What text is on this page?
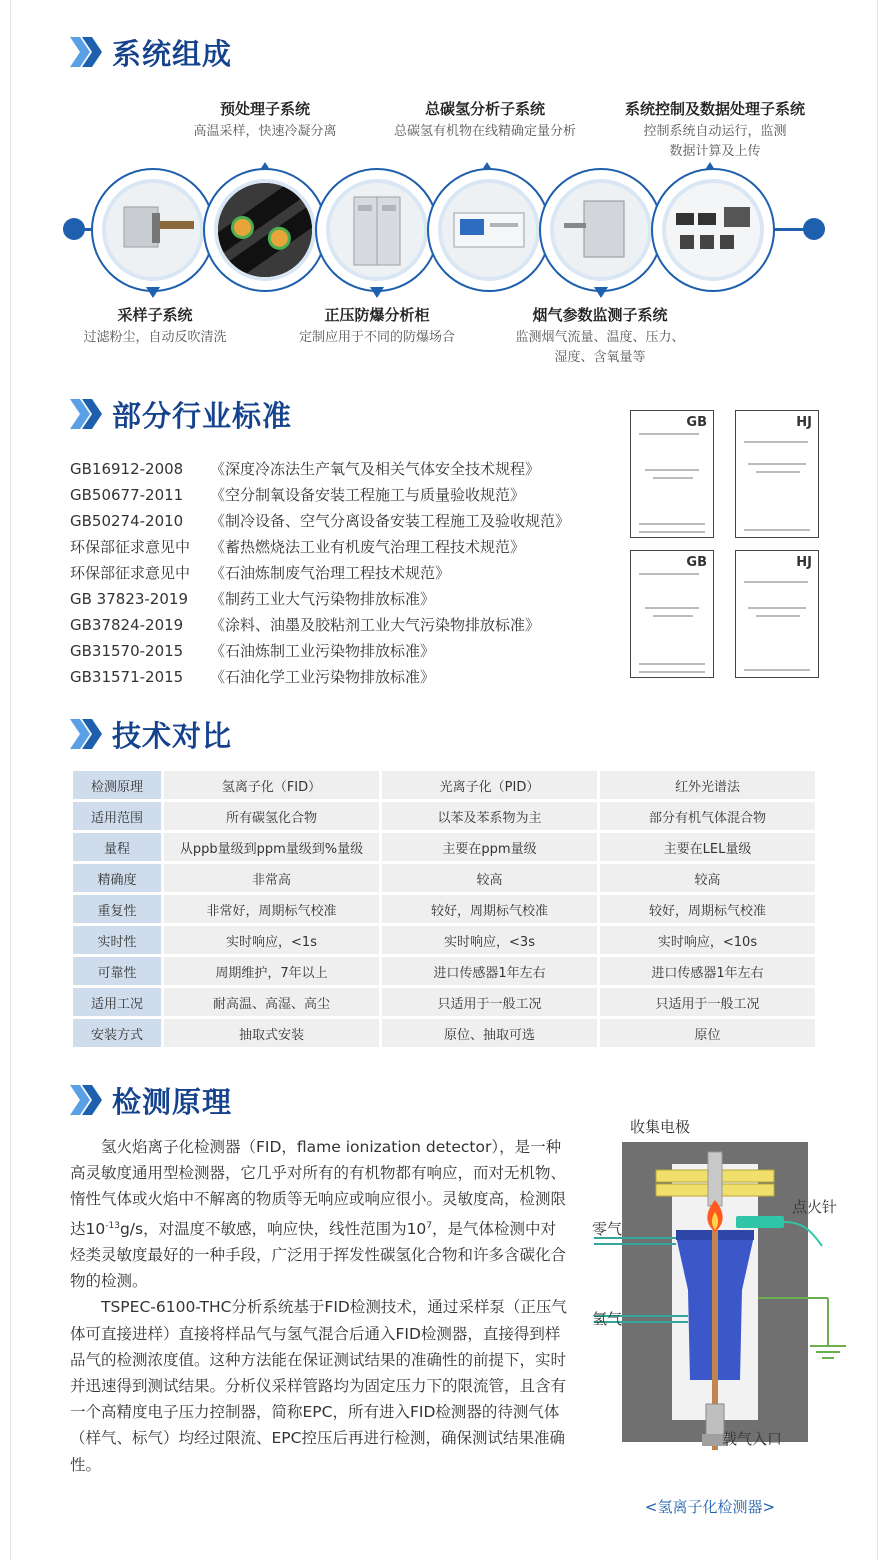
系统组成
预处理子系统
高温采样，快速冷凝分离
总碳氢分析子系统
总碳氢有机物在线精确定量分析
系统控制及数据处理子系统
控制系统自动运行，监测
数据计算及上传
采样子系统
过滤粉尘，自动反吹清洗
正压防爆分析柜
定制应用于不同的防爆场合
烟气参数监测子系统
监测烟气流量、温度、压力、
湿度、含氧量等
部分行业标准
GB16912-2008 《深度冷冻法生产氧气及相关气体安全技术规程》
GB50677-2011 《空分制氧设备安装工程施工与质量验收规范》
GB50274-2010 《制冷设备、空气分离设备安装工程施工及验收规范》
环保部征求意见中 《蓄热燃烧法工业有机废气治理工程技术规范》
环保部征求意见中 《石油炼制废气治理工程技术规范》
GB 37823-2019 《制药工业大气污染物排放标准》
GB37824-2019 《涂料、油墨及胶粘剂工业大气污染物排放标准》
GB31570-2015 《石油炼制工业污染物排放标准》
GB31571-2015 《石油化学工业污染物排放标准》
GB	HJ
GB	HJ
技术对比
检测原理	氢离子化（FID）	光离子化（PID）	红外光谱法
适用范围	所有碳氢化合物	以苯及苯系物为主	部分有机气体混合物
量程	从ppb量级到ppm量级到%量级	主要在ppm量级	主要在LEL量级
精确度	非常高	较高	较高
重复性	非常好，周期标气校准	较好，周期标气校准	较好，周期标气校准
实时性	实时响应，<1s	实时响应，<3s	实时响应，<10s
可靠性	周期维护，7年以上	进口传感器1年左右	进口传感器1年左右
适用工况	耐高温、高湿、高尘	只适用于一般工况	只适用于一般工况
安装方式	抽取式安装	原位、抽取可选	原位
检测原理

氢火焰离子化检测器（FID，flame ionization detector），是一种高灵敏度通用型检测器，它几乎对所有的有机物都有响应，而对无机物、惰性气体或火焰中不解离的物质等无响应或响应很小。灵敏度高，检测限达$10^{-13}g/s$，对温度不敏感，响应快，线性范围为$10^7$，是气体检测中对烃类灵敏度最好的一种手段，广泛用于挥发性碳氢化合物和许多含碳化合物的检测。

TSPEC-6100-THC分析系统基于FID检测技术，通过采样泵（正压气体可直接进样）直接将样品气与氢气混合后通入FID检测器，直接得到样品气的检测浓度值。这种方法能在保证测试结果的准确性的前提下，实时并迅速得到测试结果。分析仪采样管路均为固定压力下的限流管，且含有一个高精度电子压力控制器，简称EPC，所有进入FID检测器的待测气体（样气、标气）均经过限流、EPC控压后再进行检测，确保测试结果准确性。

收集电极
点火针
零气
氢气
载气入口
<氢离子化检测器>
